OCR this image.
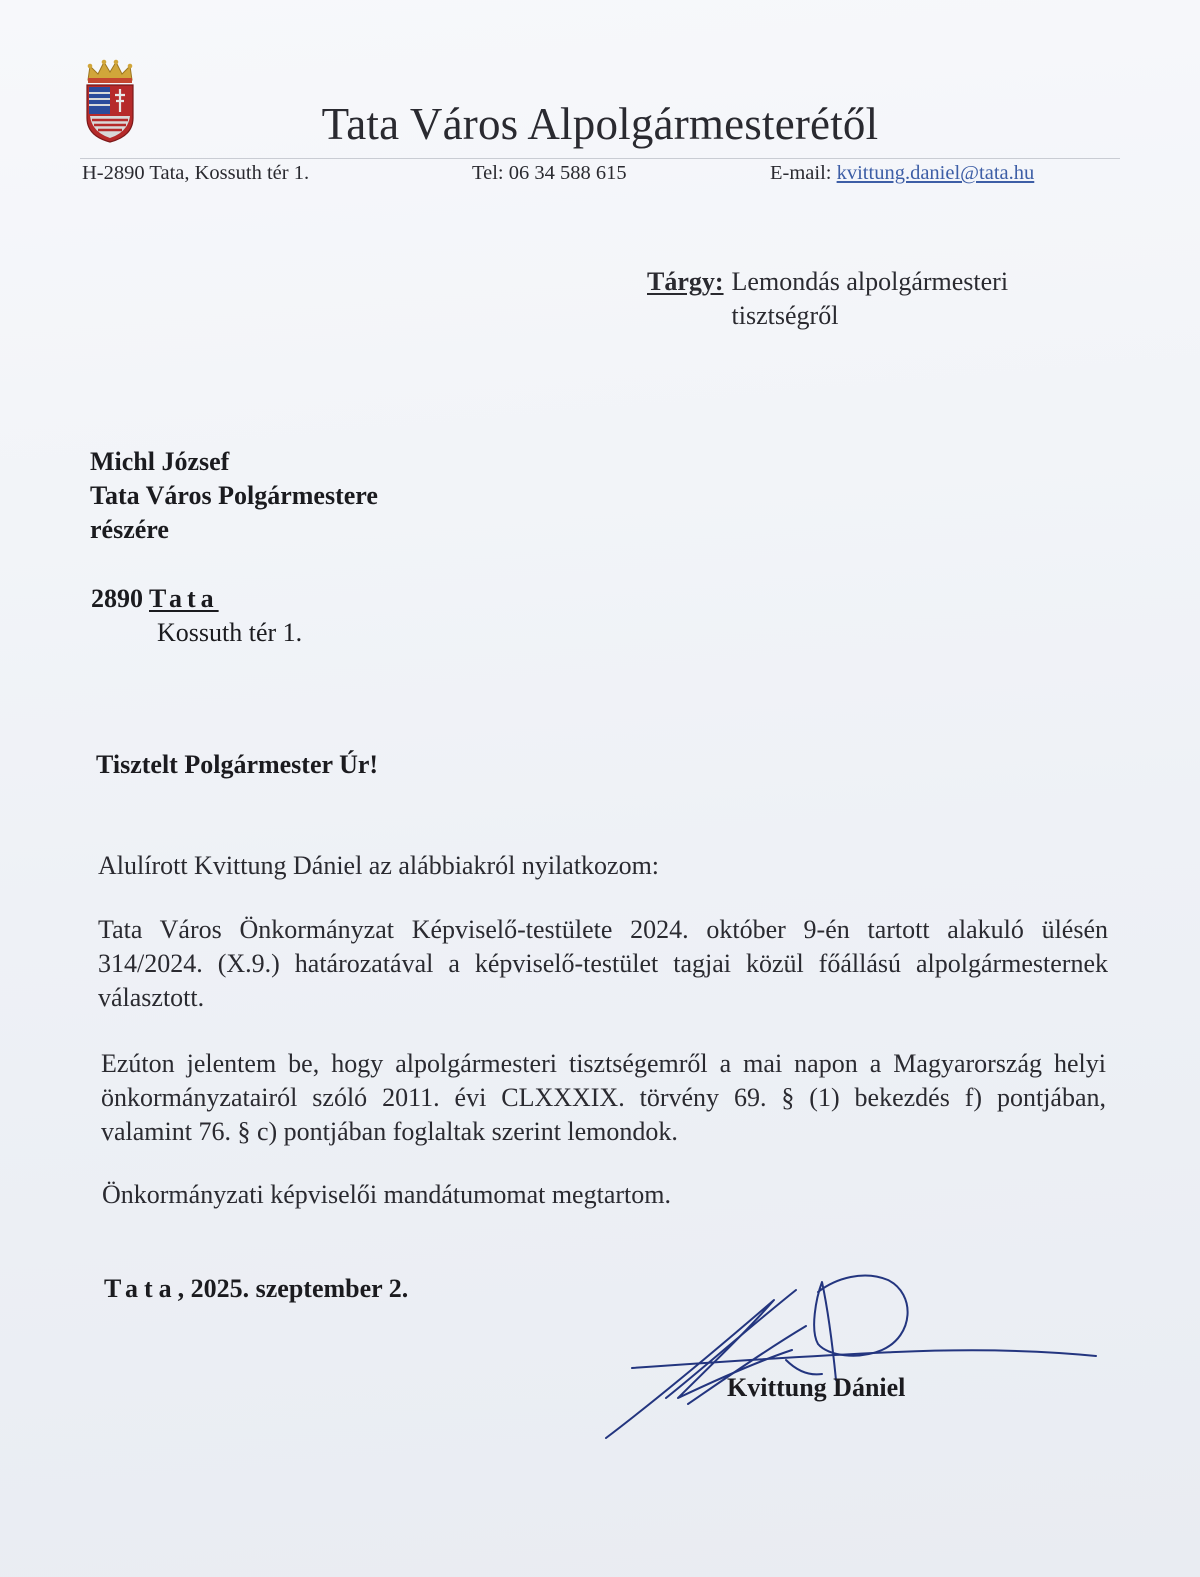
Tata Város Alpolgármesterétől
H-2890 Tata, Kossuth tér 1.	Tel: 06 34 588 615	E-mail: kvittung.daniel@tata.hu
Tárgy: Lemondás alpolgármesteri tisztségről
Michl József
Tata Város Polgármestere
részére
2890 Tata
Kossuth tér 1.
Tisztelt Polgármester Úr!
Alulírott Kvittung Dániel az alábbiakról nyilatkozom:
Tata Város Önkormányzat Képviselő-testülete 2024. október 9-én tartott alakuló ülésén 314/2024. (X.9.) határozatával a képviselő-testület tagjai közül főállású alpolgármesternek választott.
Ezúton jelentem be, hogy alpolgármesteri tisztségemről a mai napon a Magyarország helyi önkormányzatairól szóló 2011. évi CLXXXIX. törvény 69. § (1) bekezdés f) pontjában, valamint 76. § c) pontjában foglaltak szerint lemondok.
Önkormányzati képviselői mandátumomat megtartom.
Tata, 2025. szeptember 2.
Kvittung Dániel
